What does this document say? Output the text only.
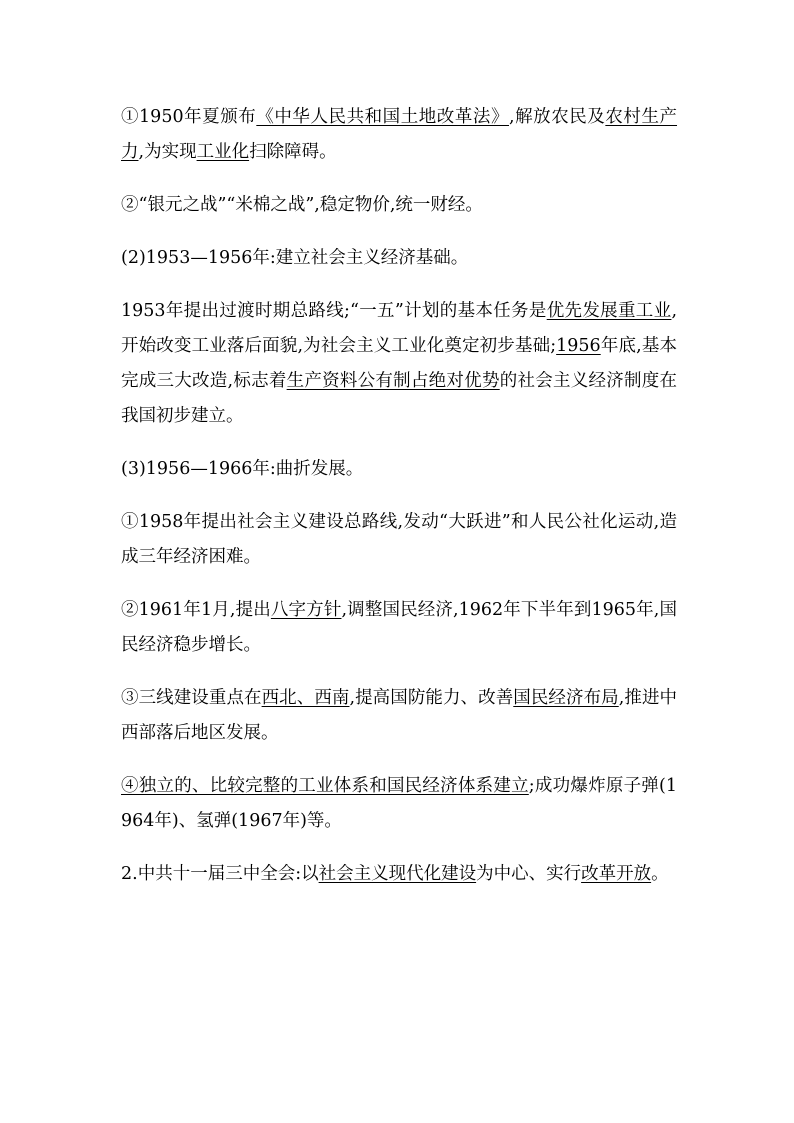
①1950年夏颁布《中华人民共和国土地改革法》,解放农民及农村生产力,为实现工业化扫除障碍。

②“银元之战”“米棉之战”,稳定物价,统一财经。

(2)1953—1956年:建立社会主义经济基础。

1953年提出过渡时期总路线;“一五”计划的基本任务是优先发展重工业,开始改变工业落后面貌,为社会主义工业化奠定初步基础;1956年底,基本完成三大改造,标志着生产资料公有制占绝对优势的社会主义经济制度在我国初步建立。

(3)1956—1966年:曲折发展。

①1958年提出社会主义建设总路线,发动“大跃进”和人民公社化运动,造成三年经济困难。

②1961年1月,提出八字方针,调整国民经济,1962年下半年到1965年,国民经济稳步增长。

③三线建设重点在西北、西南,提高国防能力、改善国民经济布局,推进中西部落后地区发展。

④独立的、比较完整的工业体系和国民经济体系建立;成功爆炸原子弹(1964年)、氢弹(1967年)等。

2.中共十一届三中全会:以社会主义现代化建设为中心、实行改革开放。
